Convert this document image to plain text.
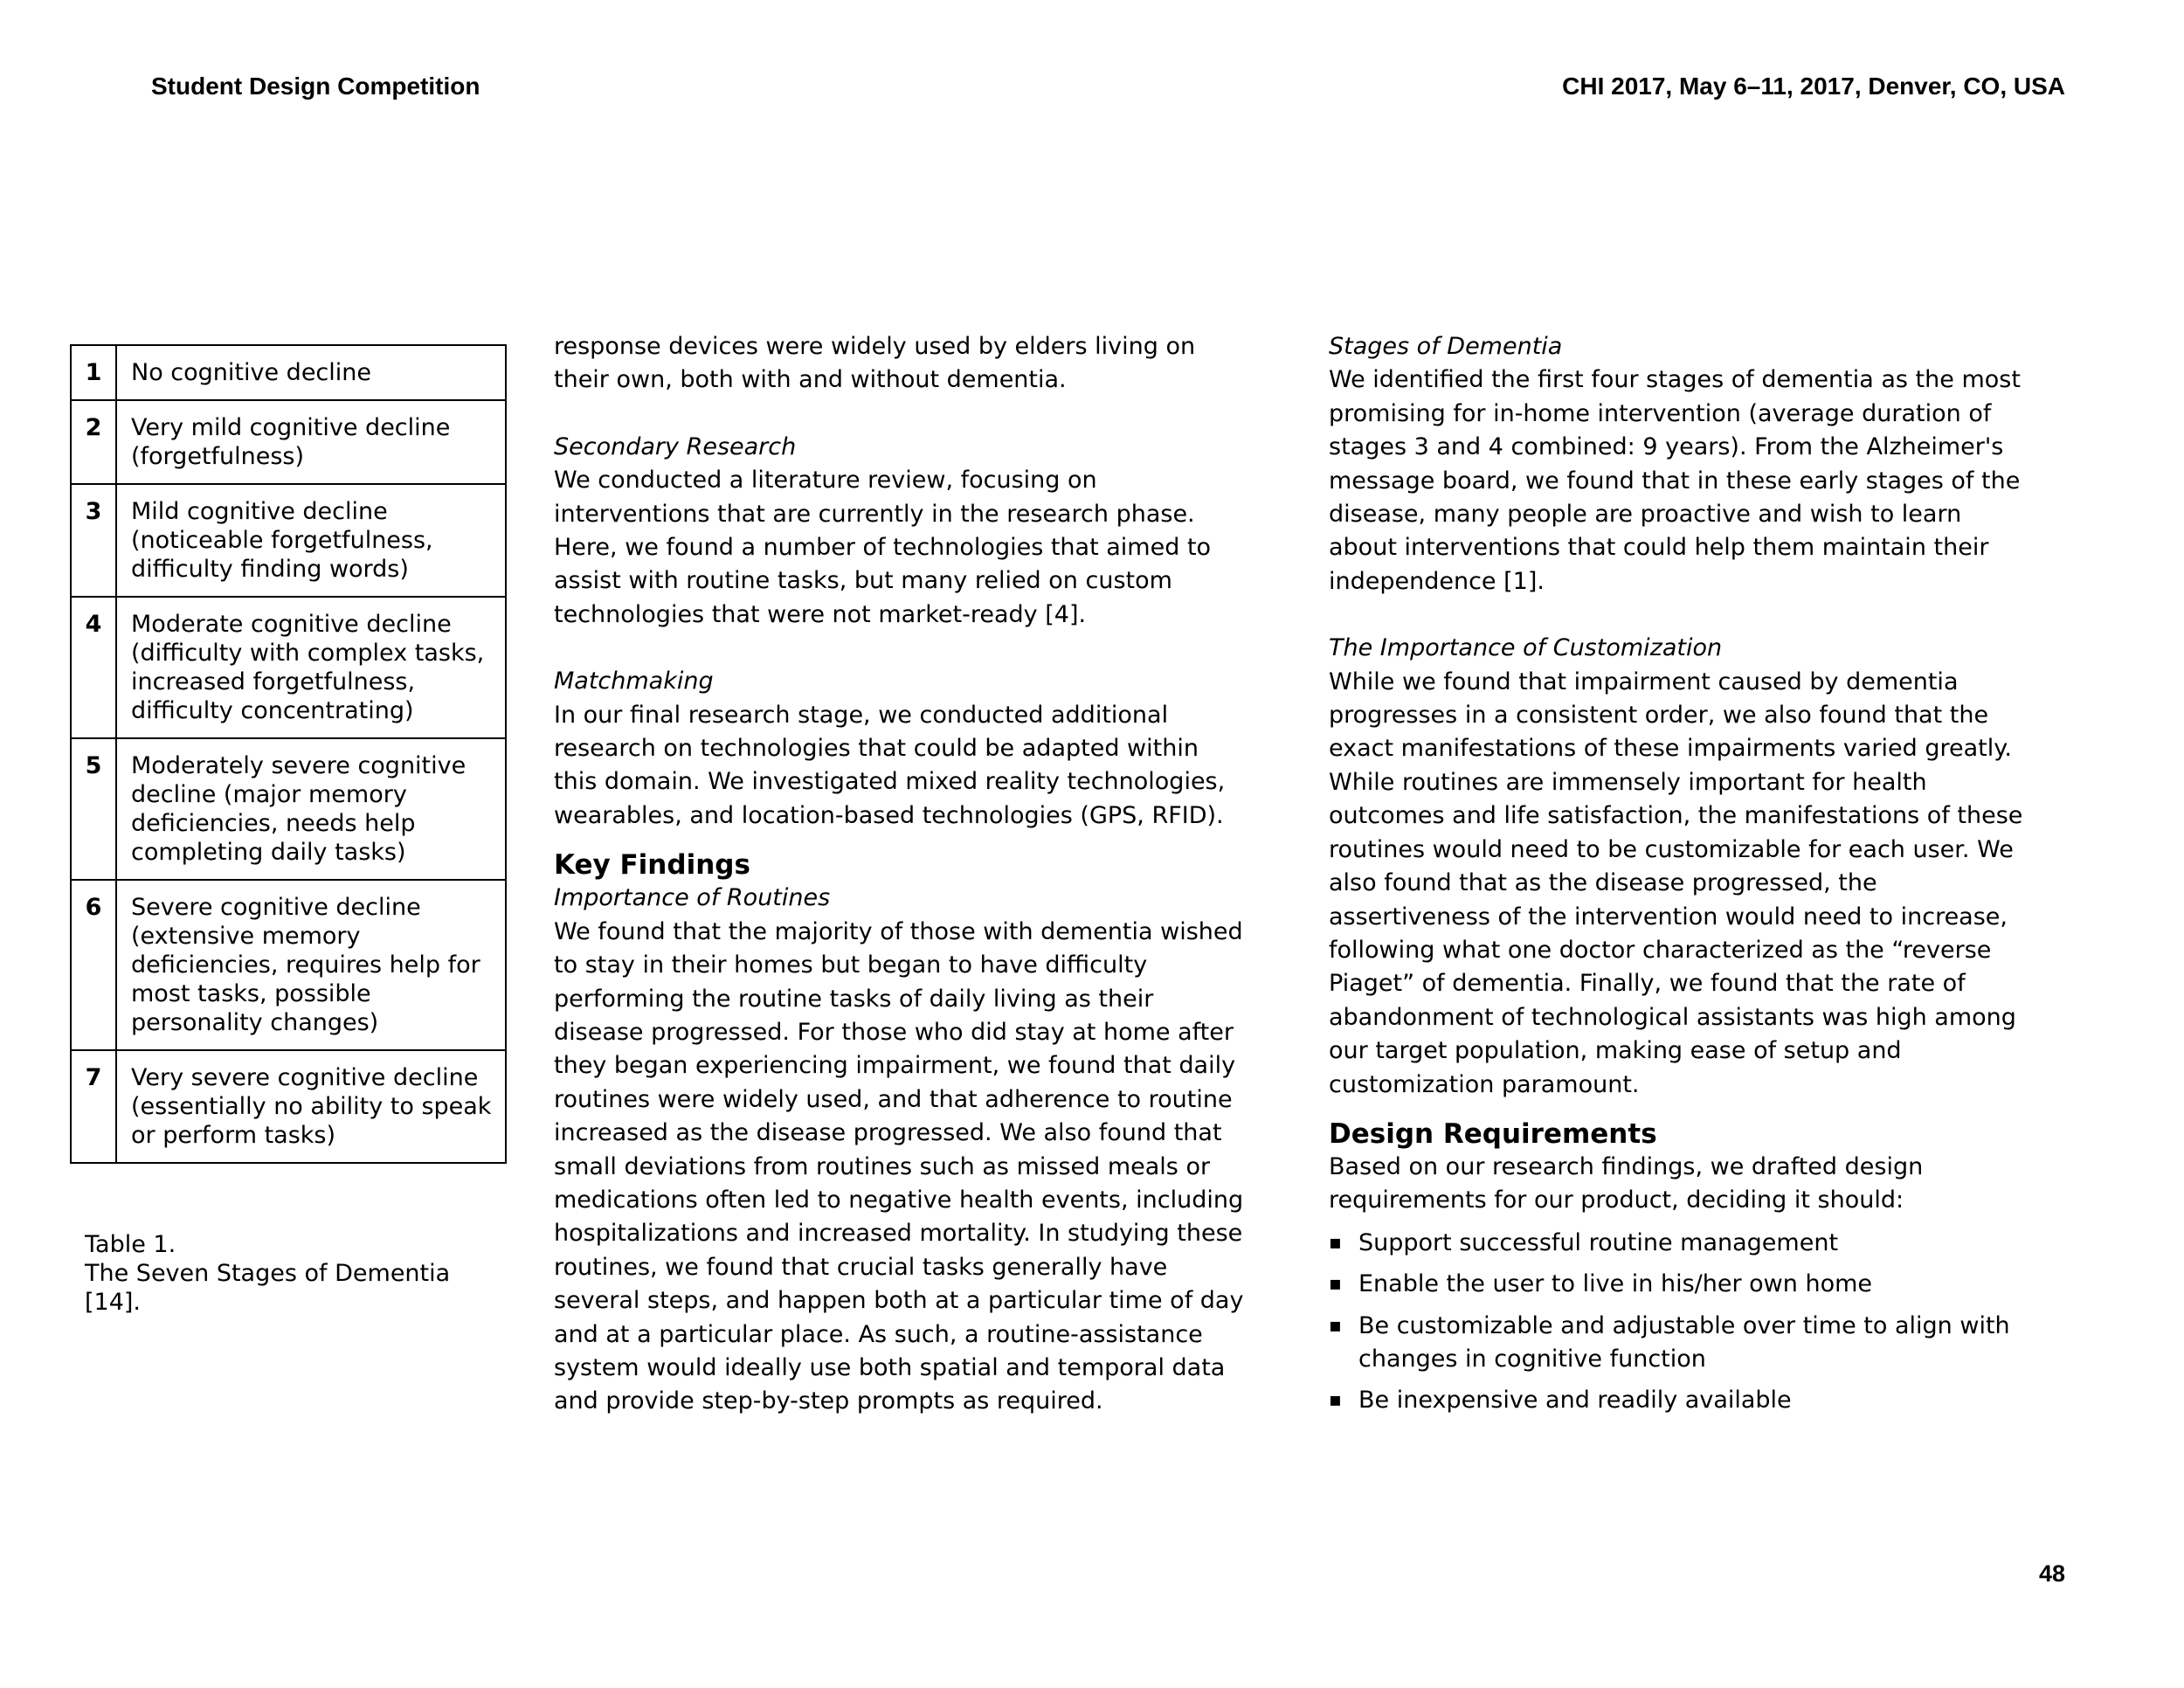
Student Design Competition	CHI 2017, May 6–11, 2017, Denver, CO, USA
1	No cognitive decline
2	Very mild cognitive decline (forgetfulness)
3	Mild cognitive decline (noticeable forgetfulness, difficulty finding words)
4	Moderate cognitive decline (difficulty with complex tasks, increased forgetfulness, difficulty concentrating)
5	Moderately severe cognitive decline (major memory deficiencies, needs help completing daily tasks)
6	Severe cognitive decline (extensive memory deficiencies, requires help for most tasks, possible personality changes)
7	Very severe cognitive decline (essentially no ability to speak or perform tasks)
Table 1.
The Seven Stages of Dementia [14].

response devices were widely used by elders living on their own, both with and without dementia.

Secondary Research

We conducted a literature review, focusing on interventions that are currently in the research phase. Here, we found a number of technologies that aimed to assist with routine tasks, but many relied on custom technologies that were not market-ready [4].

Matchmaking

In our final research stage, we conducted additional research on technologies that could be adapted within this domain. We investigated mixed reality technologies, wearables, and location-based technologies (GPS, RFID).

Key Findings

Importance of Routines

We found that the majority of those with dementia wished to stay in their homes but began to have difficulty performing the routine tasks of daily living as their disease progressed. For those who did stay at home after they began experiencing impairment, we found that daily routines were widely used, and that adherence to routine increased as the disease progressed. We also found that small deviations from routines such as missed meals or medications often led to negative health events, including hospitalizations and increased mortality. In studying these routines, we found that crucial tasks generally have several steps, and happen both at a particular time of day and at a particular place. As such, a routine-assistance system would ideally use both spatial and temporal data and provide step-by-step prompts as required.

Stages of Dementia

We identified the first four stages of dementia as the most promising for in-home intervention (average duration of stages 3 and 4 combined: 9 years). From the Alzheimer's message board, we found that in these early stages of the disease, many people are proactive and wish to learn about interventions that could help them maintain their independence [1].

The Importance of Customization

While we found that impairment caused by dementia progresses in a consistent order, we also found that the exact manifestations of these impairments varied greatly. While routines are immensely important for health outcomes and life satisfaction, the manifestations of these routines would need to be customizable for each user. We also found that as the disease progressed, the assertiveness of the intervention would need to increase, following what one doctor characterized as the “reverse Piaget” of dementia. Finally, we found that the rate of abandonment of technological assistants was high among our target population, making ease of setup and customization paramount.

Design Requirements

Based on our research findings, we drafted design requirements for our product, deciding it should:

▪ Support successful routine management
▪ Enable the user to live in his/her own home
▪ Be customizable and adjustable over time to align with changes in cognitive function
▪ Be inexpensive and readily available
48
